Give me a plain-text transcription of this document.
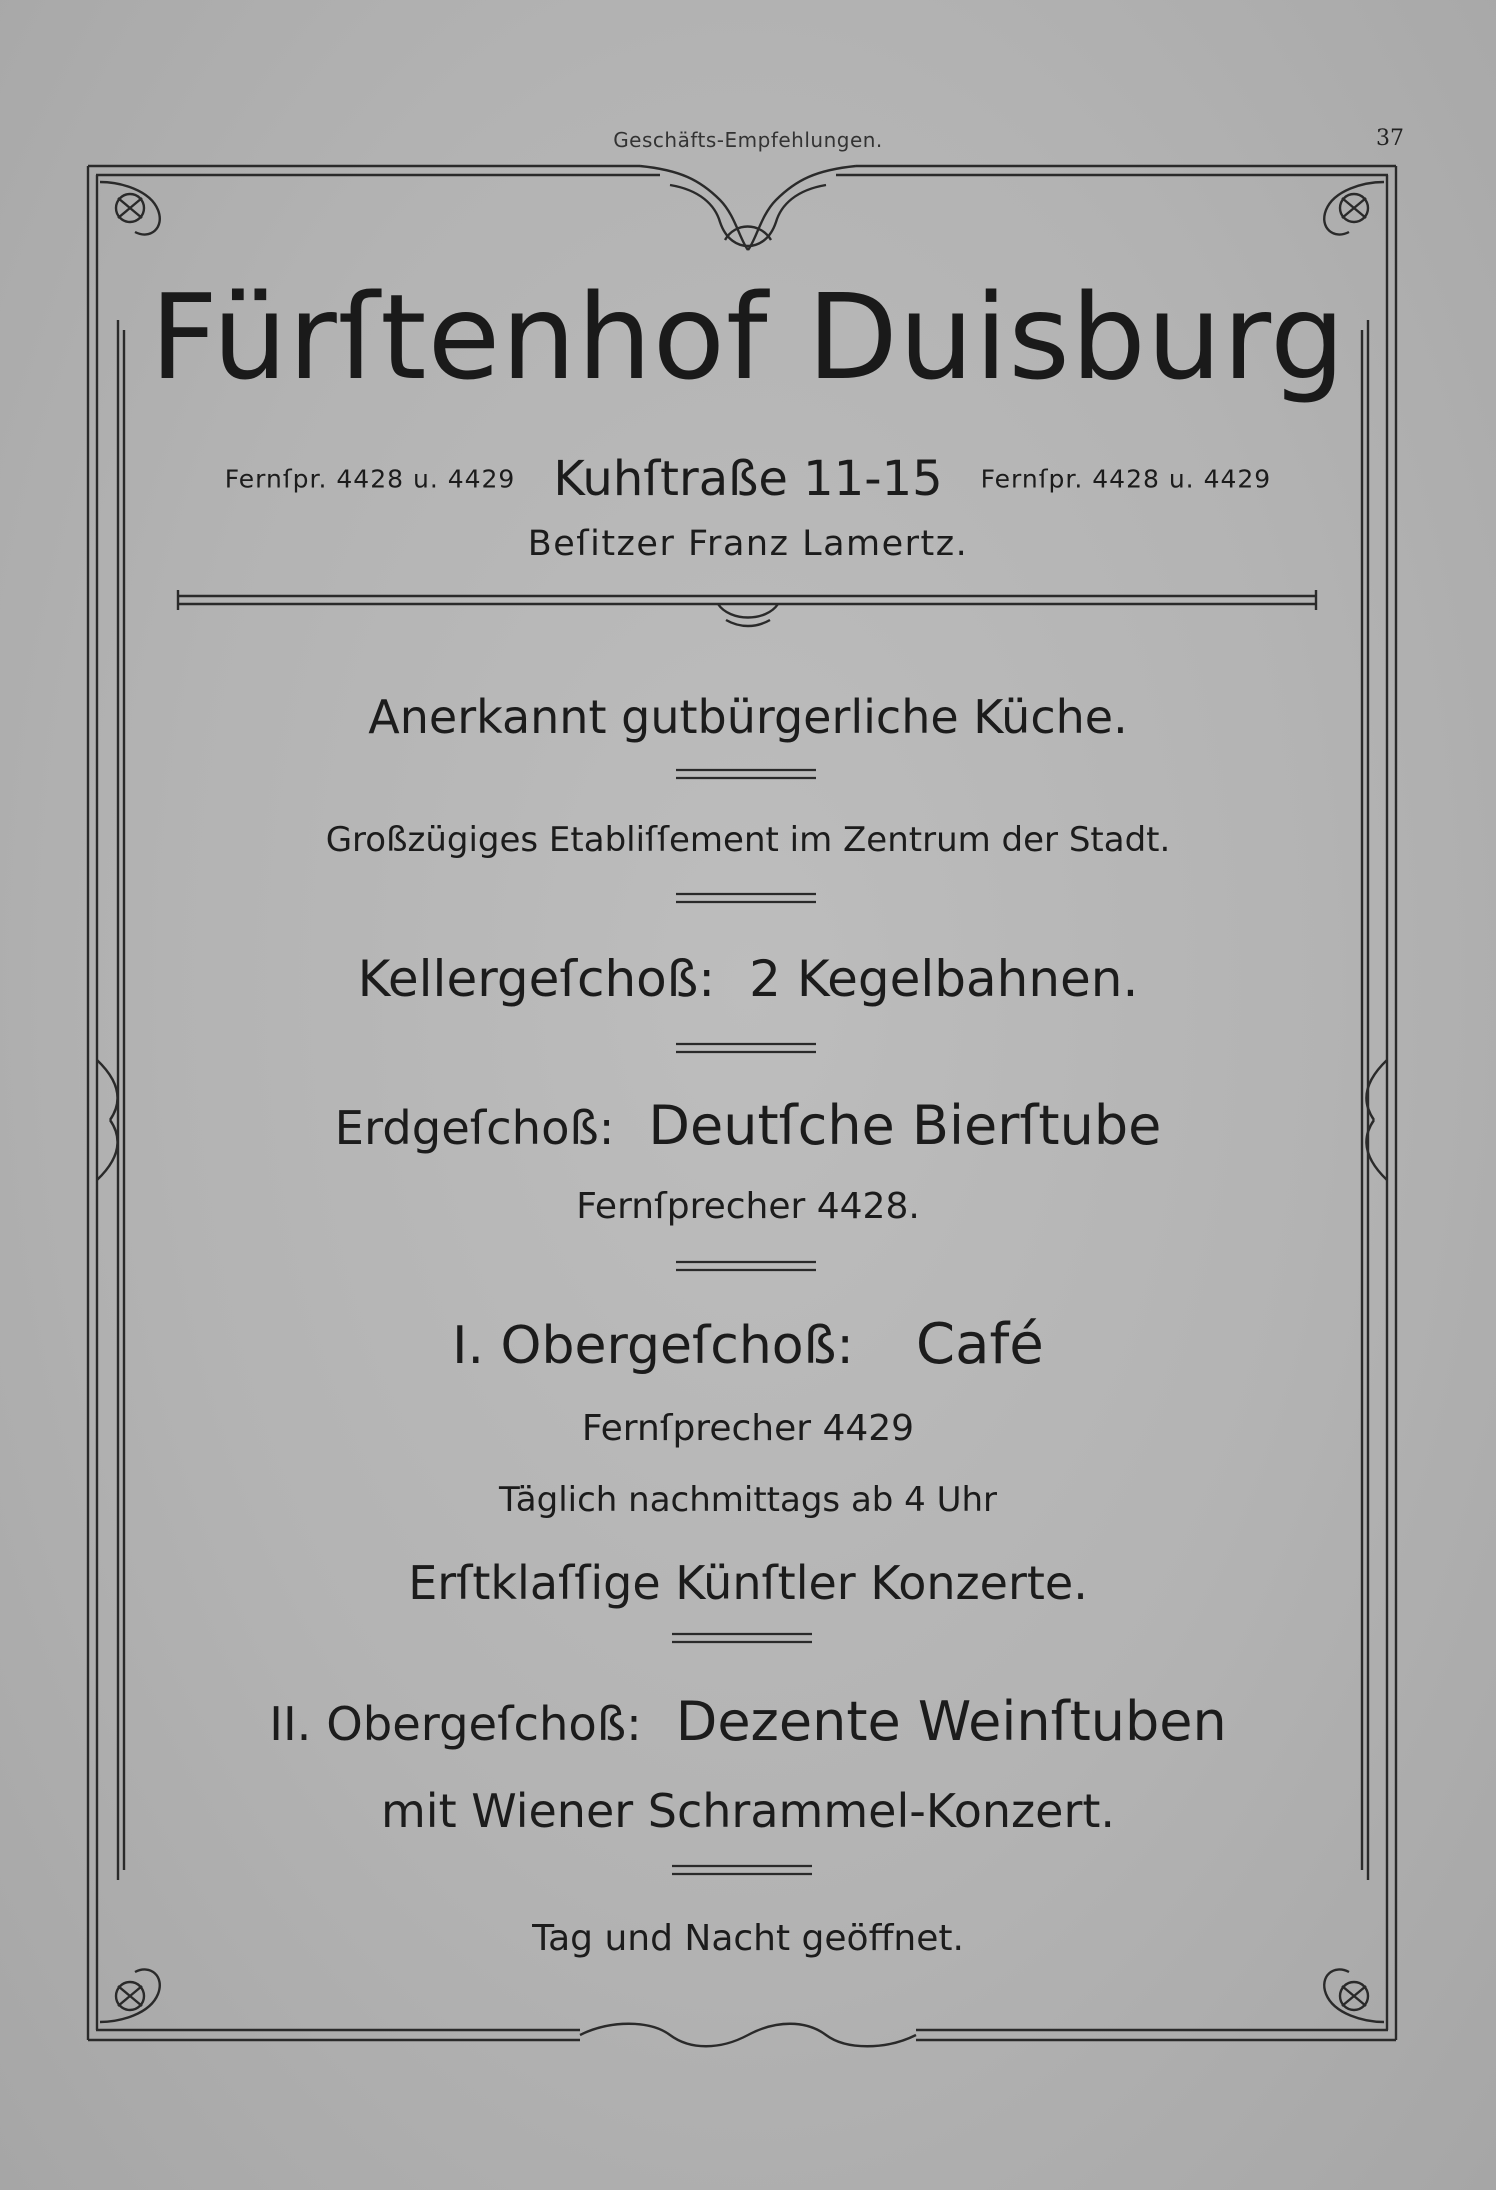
Geschäfts-Empfehlungen.	37
Fürſtenhof Duisburg
Fernſpr. 4428 u. 4429 Kuhſtraße 11-15 Fernſpr. 4428 u. 4429
Beſitzer Franz Lamertz.
Anerkannt gutbürgerliche Küche.
Großzügiges Etabliſſement im Zentrum der Stadt.
Kellergeſchoß: 2 Kegelbahnen.
Erdgeſchoß: Deutſche Bierſtube
Fernſprecher 4428.
I. Obergeſchoß: Café
Fernſprecher 4429
Täglich nachmittags ab 4 Uhr
Erſtklaſſige Künſtler Konzerte.
II. Obergeſchoß: Dezente Weinſtuben
mit Wiener Schrammel-Konzert.
Tag und Nacht geöffnet.
